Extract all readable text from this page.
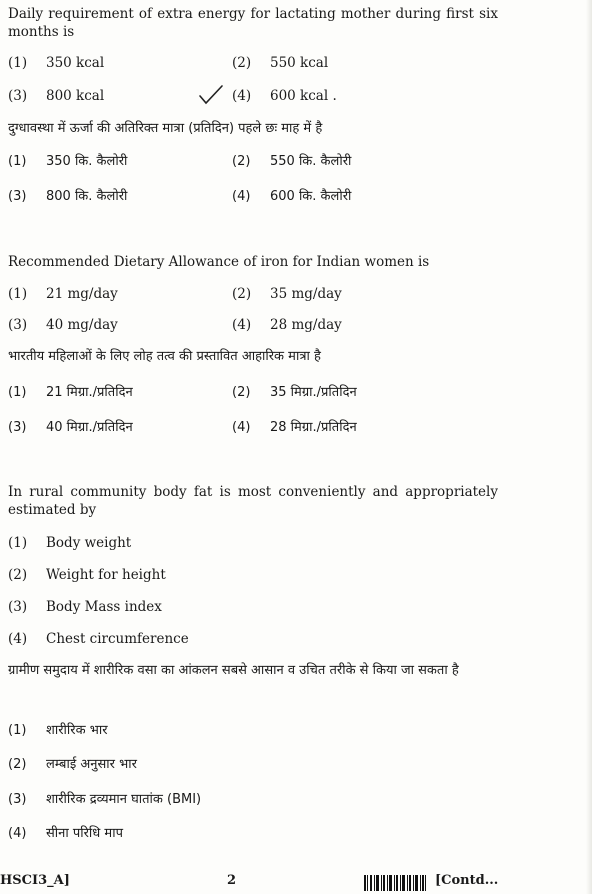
Daily requirement of extra energy for lactating mother during first six months is
(1) 350 kcal	(2) 550 kcal
(3) 800 kcal	(4) 600 kcal .
दुग्धावस्था में ऊर्जा की अतिरिक्त मात्रा (प्रतिदिन) पहले छः माह में है
(1) 350 कि. कैलोरी	(2) 550 कि. कैलोरी
(3) 800 कि. कैलोरी	(4) 600 कि. कैलोरी
Recommended Dietary Allowance of iron for Indian women is
(1) 21 mg/day	(2) 35 mg/day
(3) 40 mg/day	(4) 28 mg/day
भारतीय महिलाओं के लिए लोह तत्व की प्रस्तावित आहारिक मात्रा है
(1) 21 मिग्रा./प्रतिदिन	(2) 35 मिग्रा./प्रतिदिन
(3) 40 मिग्रा./प्रतिदिन	(4) 28 मिग्रा./प्रतिदिन
In rural community body fat is most conveniently and appropriately estimated by
(1) Body weight
(2) Weight for height
(3) Body Mass index
(4) Chest circumference
ग्रामीण समुदाय में शारीरिक वसा का आंकलन सबसे आसान व उचित तरीके से किया जा सकता है
(1) शारीरिक भार
(2) लम्बाई अनुसार भार
(3) शारीरिक द्रव्यमान घातांक (BMI)
(4) सीना परिधि माप
HSCI3_A]	2	[Contd...
